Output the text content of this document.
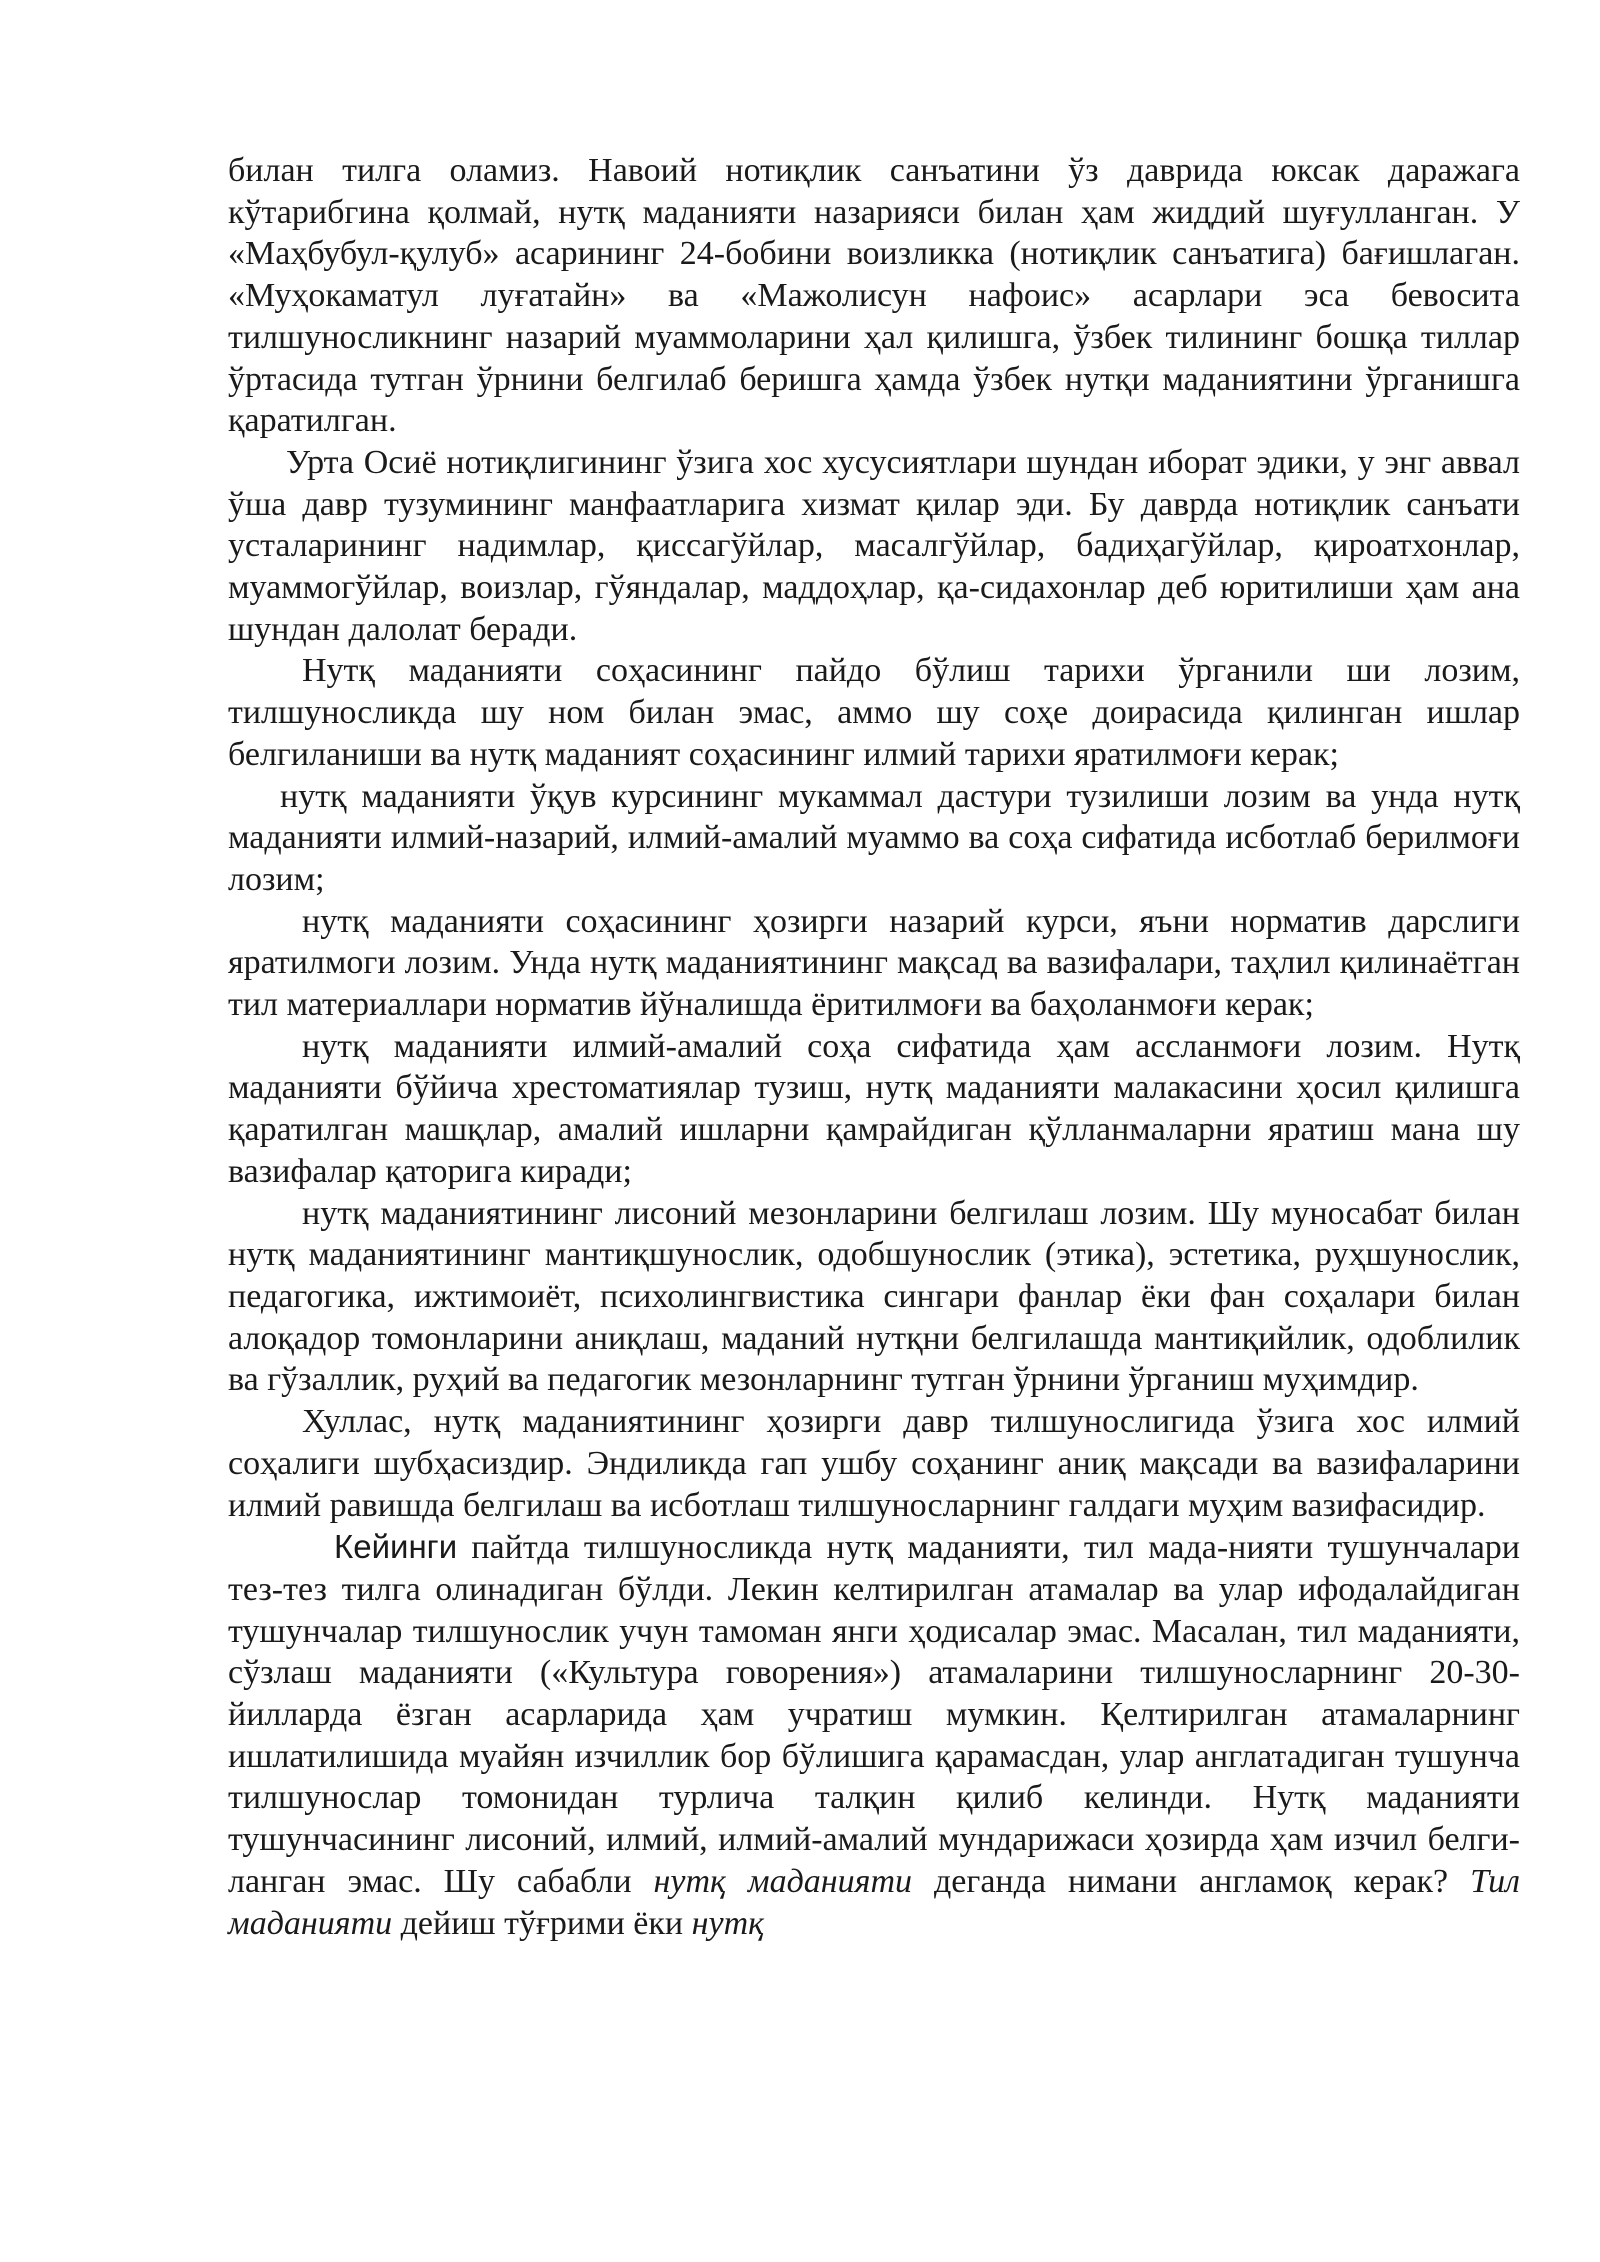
билан тилга оламиз. Навоий нотиқлик санъатини ўз даврида юксак даражага кўтарибгина қолмай, нутқ маданияти назарияси билан ҳам жиддий шуғулланган. У «Маҳбубул-қулуб» асарининг 24-бобини воизликка (нотиқлик санъатига) бағишлаган. «Муҳокаматул луғатайн» ва «Мажолисун нафоис» асарлари эса бевосита тилшуносликнинг назарий муаммоларини ҳал қилишга, ўзбек тилининг бошқа тиллар ўртасида тутган ўрнини белгилаб беришга ҳамда ўзбек нутқи маданиятини ўрганишга қаратилган.

Урта Осиё нотиқлигининг ўзига хос хусусиятлари шундан иборат эдики, у энг аввал ўша давр тузумининг манфаатларига хизмат қилар эди. Бу даврда нотиқлик санъати усталарининг надимлар, қиссагўйлар, масалгўйлар, бадиҳагўйлар, қироатхонлар, муаммогўйлар, воизлар, гўяндалар, маддоҳлар, қа-сидахонлар деб юритилиши ҳам ана шундан далолат беради.

Нутқ маданияти соҳасининг пайдо бўлиш тарихи ўрганили ши лозим, тилшуносликда шу ном билан эмас, аммо шу соҳе доирасида қилинган ишлар белгиланиши ва нутқ маданият соҳасининг илмий тарихи яратилмоғи керак;

нутқ маданияти ўқув курсининг мукаммал дастури тузилиши лозим ва унда нутқ маданияти илмий-назарий, илмий-амалий муаммо ва соҳа сифатида исботлаб берилмоғи лозим;

нутқ маданияти соҳасининг ҳозирги назарий курси, яъни норматив дарслиги яратилмоги лозим. Унда нутқ маданиятининг мақсад ва вазифалари, таҳлил қилинаётган тил материаллари норматив йўналишда ёритилмоғи ва баҳоланмоғи керак;

нутқ маданияти илмий-амалий соҳа сифатида ҳам ассланмоғи лозим. Нутқ маданияти бўйича хрестоматиялар тузиш, нутқ маданияти малакасини ҳосил қилишга қаратилган машқлар, амалий ишларни қамрайдиган қўлланмаларни яратиш мана шу вазифалар қаторига киради;

нутқ маданиятининг лисоний мезонларини белгилаш лозим. Шу муносабат билан нутқ маданиятининг мантиқшунослик, одобшунослик (этика), эстетика, руҳшунослик, педагогика, ижтимоиёт, психолингвистика сингари фанлар ёки фан соҳалари билан алоқадор томонларини аниқлаш, маданий нутқни белгилашда мантиқийлик, одоблилик ва гўзаллик, руҳий ва педагогик мезонларнинг тутган ўрнини ўрганиш муҳимдир.

Хуллас, нутқ маданиятининг ҳозирги давр тилшунослигида ўзига хос илмий соҳалиги шубҳасиздир. Эндиликда гап ушбу соҳанинг аниқ мақсади ва вазифаларини илмий равишда белгилаш ва исботлаш тилшуносларнинг галдаги муҳим вазифасидир.

Кейинги пайтда тилшуносликда нутқ маданияти, тил мада-нияти тушунчалари тез-тез тилга олинадиган бўлди. Лекин келтирилган атамалар ва улар ифодалайдиган тушунчалар тилшунослик учун тамоман янги ҳодисалар эмас. Масалан, тил маданияти, сўзлаш маданияти («Культура говорения») атамаларини тилшуносларнинг 20-30-йилларда ёзган асарларида ҳам учратиш мумкин. Қелтирилган атамаларнинг ишлатилишида муайян изчиллик бор бўлишига қарамасдан, улар англатадиган тушунча тилшунослар томонидан турлича талқин қилиб келинди. Нутқ маданияти тушунчасининг лисоний, илмий, илмий-амалий мундарижаси ҳозирда ҳам изчил белги-ланган эмас. Шу сабабли нутқ маданияти деганда нимани англамоқ керак? Тил маданияти дейиш тўғрими ёки нутқ
